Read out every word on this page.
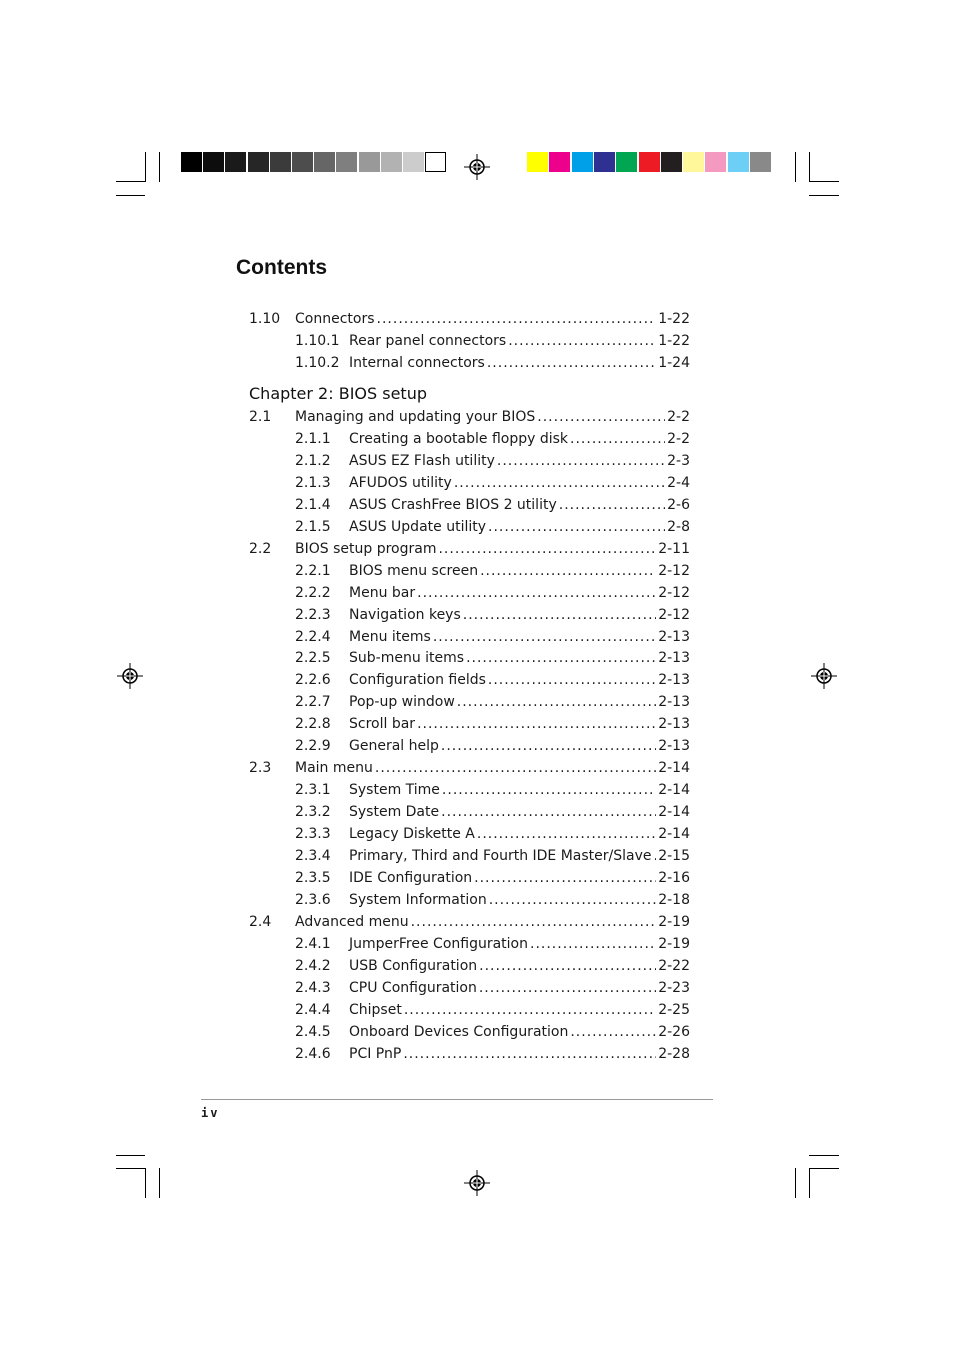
Contents
1.10	Connectors .....	1-22
1.10.1 Rear panel connectors .....	1-22
1.10.2 Internal connectors .....	1-24
Chapter 2: BIOS setup
2.1	Managing and updating your BIOS .....	2-2
2.1.1	Creating a bootable floppy disk .....	2-2
2.1.2	ASUS EZ Flash utility .....	2-3
2.1.3	AFUDOS utility .....	2-4
2.1.4	ASUS CrashFree BIOS 2 utility .....	2-6
2.1.5	ASUS Update utility .....	2-8
2.2	BIOS setup program .....	2-11
2.2.1	BIOS menu screen .....	2-12
2.2.2	Menu bar .....	2-12
2.2.3	Navigation keys .....	2-12
2.2.4	Menu items .....	2-13
2.2.5	Sub-menu items .....	2-13
2.2.6	Configuration fields .....	2-13
2.2.7	Pop-up window .....	2-13
2.2.8	Scroll bar .....	2-13
2.2.9	General help .....	2-13
2.3	Main menu .....	2-14
2.3.1	System Time .....	2-14
2.3.2	System Date .....	2-14
2.3.3	Legacy Diskette A .....	2-14
2.3.4	Primary, Third and Fourth IDE Master/Slave ..... 2-15
2.3.5	IDE Configuration .....	2-16
2.3.6	System Information .....	2-18
2.4	Advanced menu .....	2-19
2.4.1	JumperFree Configuration .....	2-19
2.4.2	USB Configuration .....	2-22
2.4.3	CPU Configuration .....	2-23
2.4.4	Chipset .....	2-25
2.4.5	Onboard Devices Configuration .....	2-26
2.4.6	PCI PnP .....	2-28
iv
